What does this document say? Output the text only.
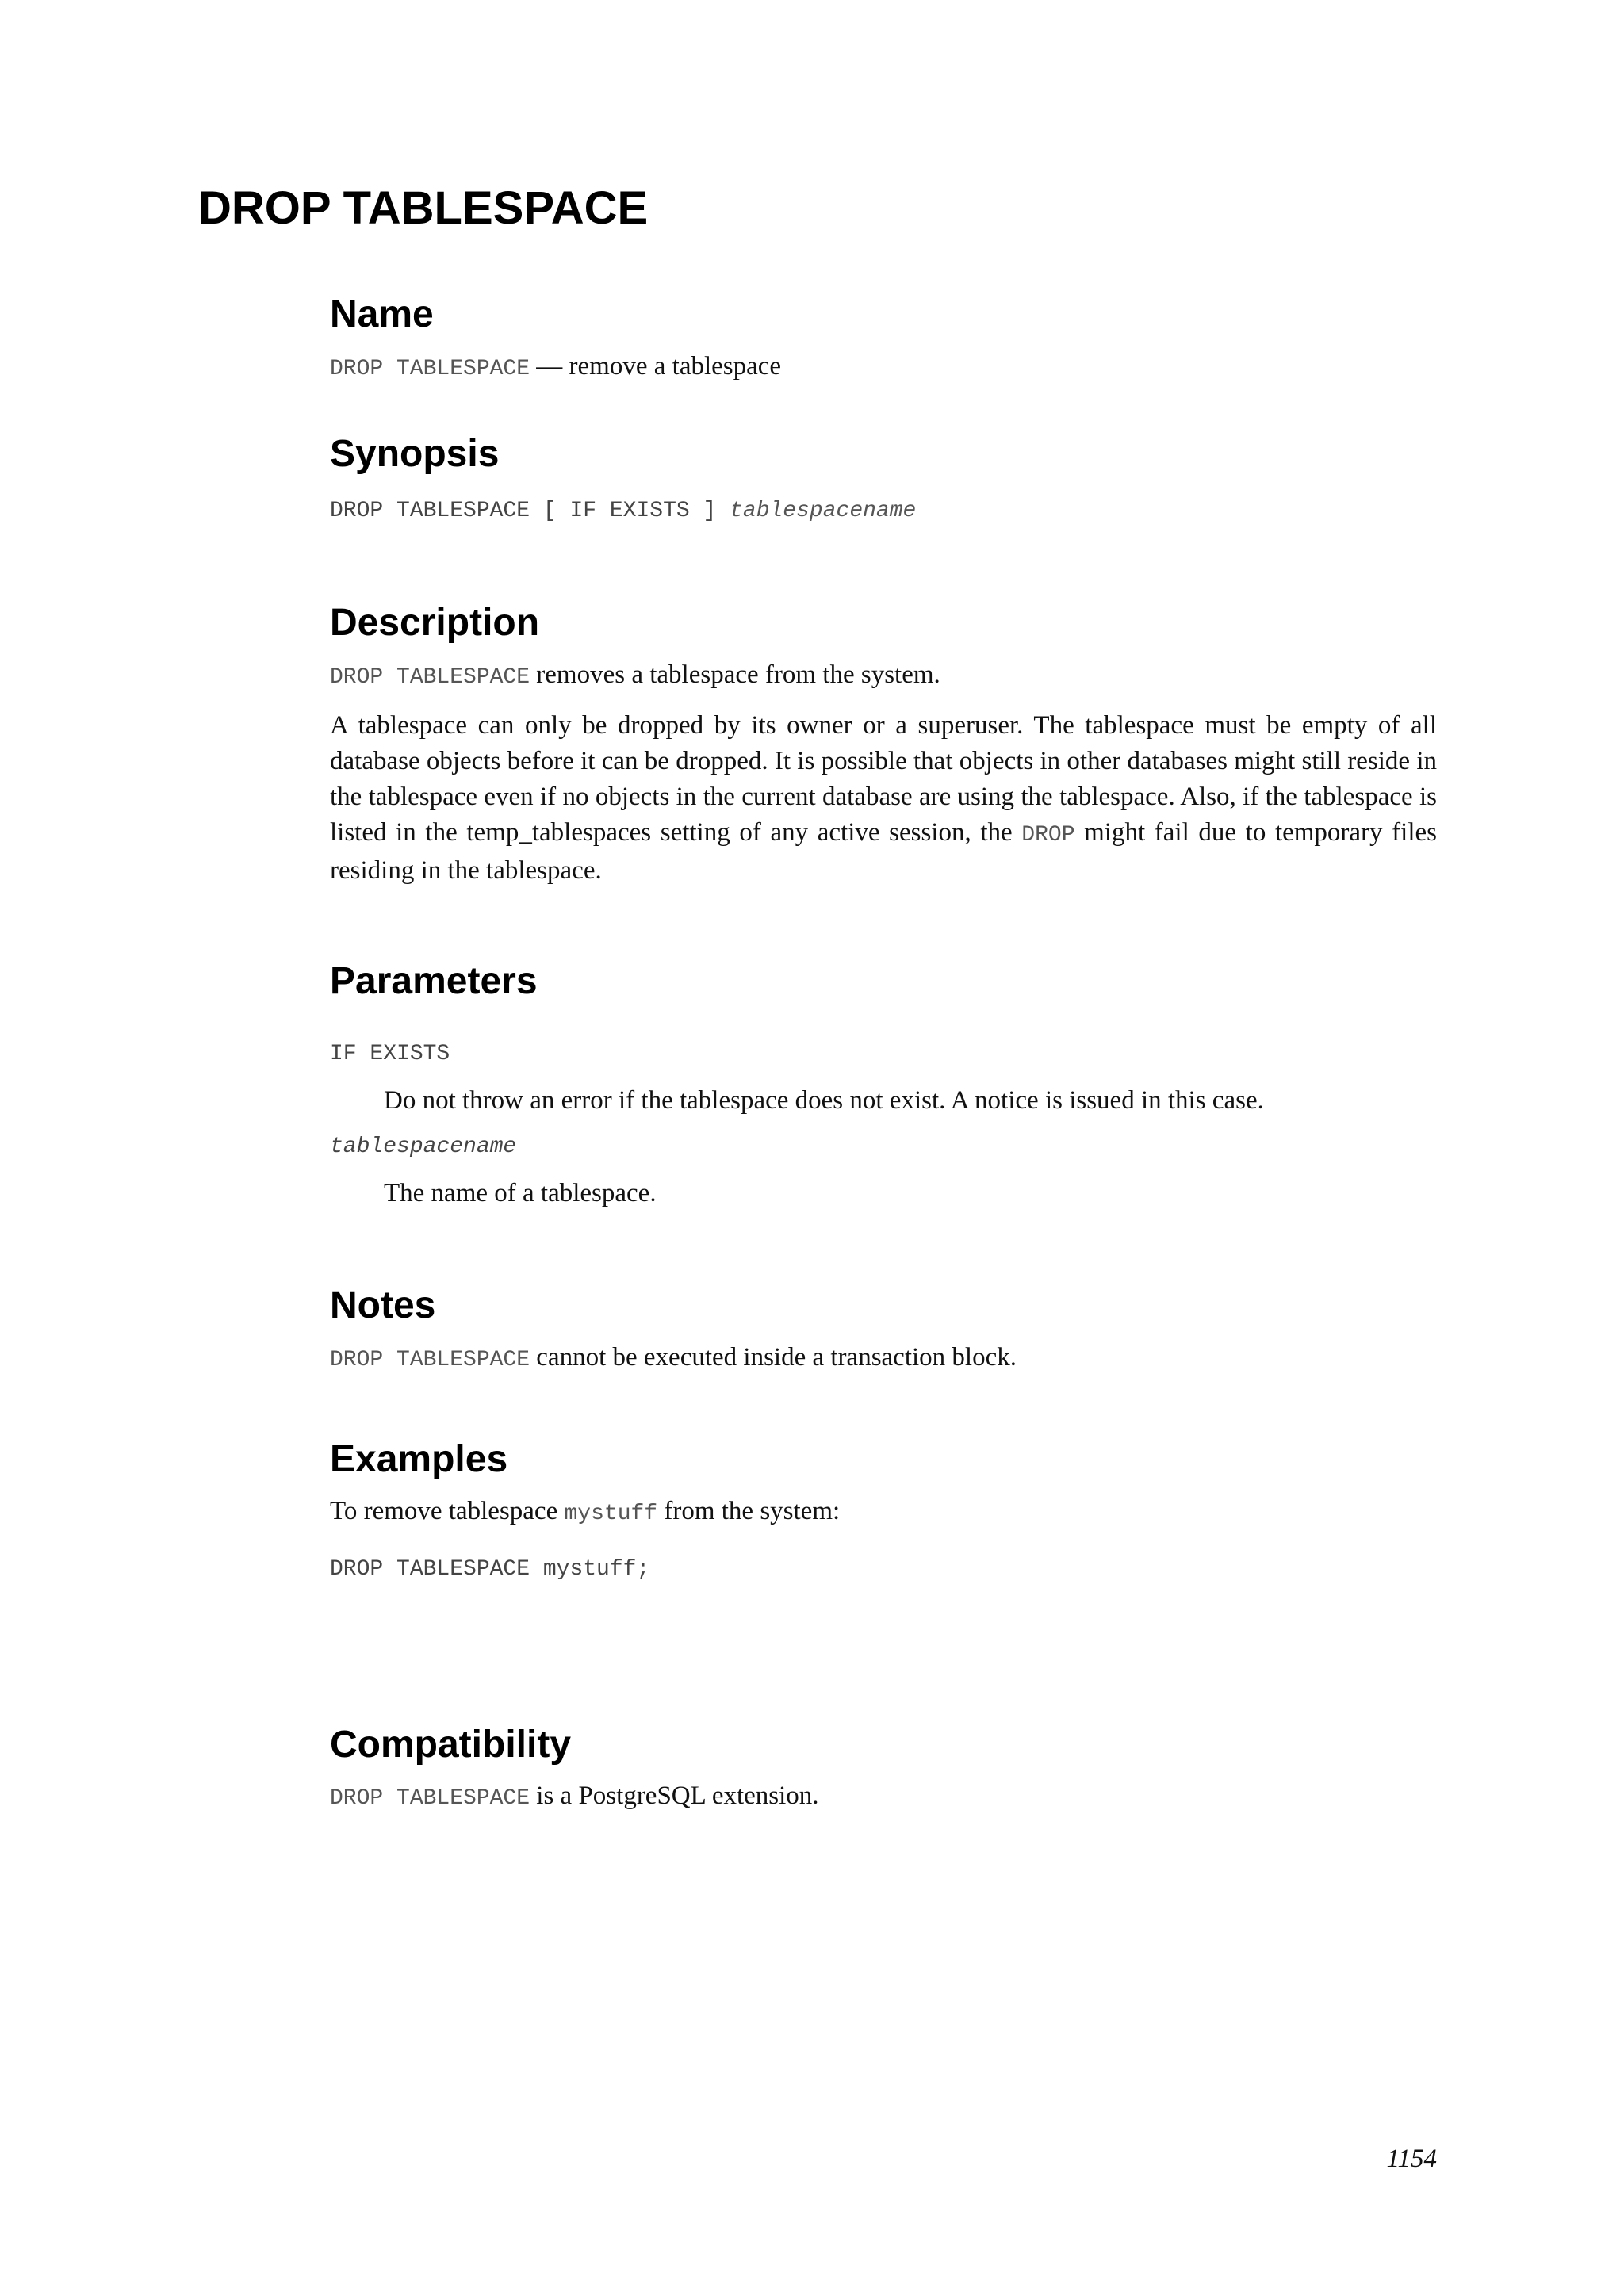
DROP TABLESPACE
Name

DROP TABLESPACE — remove a tablespace

Synopsis

DROP TABLESPACE [ IF EXISTS ] tablespacename

Description

DROP TABLESPACE removes a tablespace from the system.

A tablespace can only be dropped by its owner or a superuser. The tablespace must be empty of all database objects before it can be dropped. It is possible that objects in other databases might still reside in the tablespace even if no objects in the current database are using the tablespace. Also, if the tablespace is listed in the temp_tablespaces setting of any active session, the DROP might fail due to temporary files residing in the tablespace.

Parameters

IF EXISTS

Do not throw an error if the tablespace does not exist. A notice is issued in this case.

tablespacename

The name of a tablespace.

Notes

DROP TABLESPACE cannot be executed inside a transaction block.

Examples

To remove tablespace mystuff from the system:

DROP TABLESPACE mystuff;

Compatibility

DROP TABLESPACE is a PostgreSQL extension.

1154
